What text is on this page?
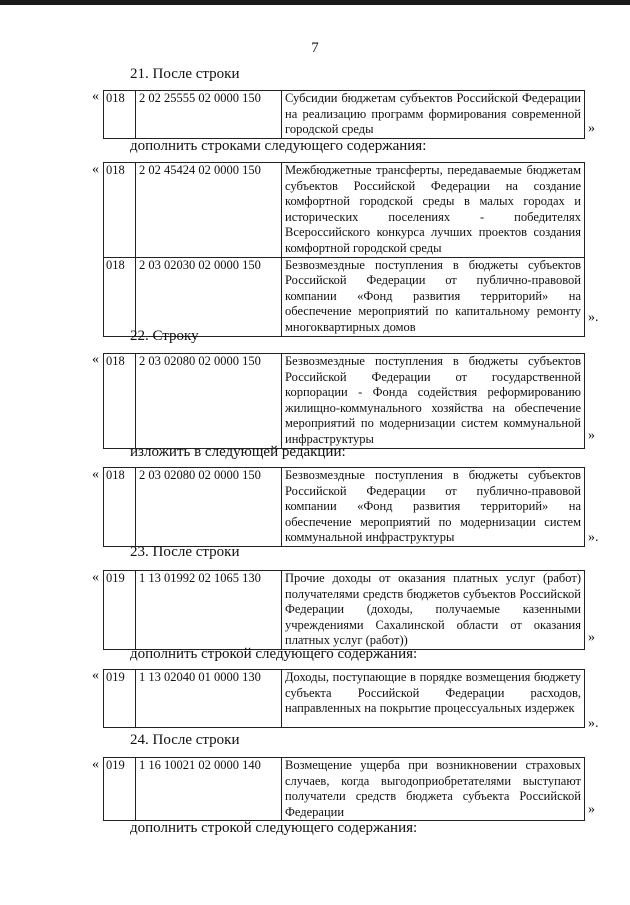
7
21. После строки
« 018	2 02 25555 02 0000 150	Субсидии бюджетам субъектов Российской Федерации на реализацию программ формирования современной городской среды	»
дополнить строками следующего содержания:
« 018	2 02 45424 02 0000 150	Межбюджетные трансферты, передаваемые бюджетам субъектов Российской Федерации на создание комфортной городской среды в малых городах и исторических поселениях - победителях Всероссийского конкурса лучших проектов создания комфортной городской среды
018	2 03 02030 02 0000 150	Безвозмездные поступления в бюджеты субъектов Российской Федерации от публично-правовой компании «Фонд развития территорий» на обеспечение мероприятий по капитальному ремонту многоквартирных домов
».
22. Строку
« 018	2 03 02080 02 0000 150	Безвозмездные поступления в бюджеты субъектов Российской Федерации от государственной корпорации - Фонда содействия реформированию жилищно-коммунального хозяйства на обеспечение мероприятий по модернизации систем коммунальной инфраструктуры	»
изложить в следующей редакции:
« 018	2 03 02080 02 0000 150	Безвозмездные поступления в бюджеты субъектов Российской Федерации от публично-правовой компании «Фонд развития территорий» на обеспечение мероприятий по модернизации систем коммунальной инфраструктуры	».
23. После строки
« 019	1 13 01992 02 1065 130	Прочие доходы от оказания платных услуг (работ) получателями средств бюджетов субъектов Российской Федерации (доходы, получаемые казенными учреждениями Сахалинской области от оказания платных услуг (работ))	»
дополнить строкой следующего содержания:
« 019	1 13 02040 01 0000 130	Доходы, поступающие в порядке возмещения бюджету субъекта Российской Федерации расходов, направленных на покрытие процессуальных издержек
».
24. После строки
« 019	1 16 10021 02 0000 140	Возмещение ущерба при возникновении страховых случаев, когда выгодоприобретателями выступают получатели средств бюджета субъекта Российской Федерации	»
дополнить строкой следующего содержания:
